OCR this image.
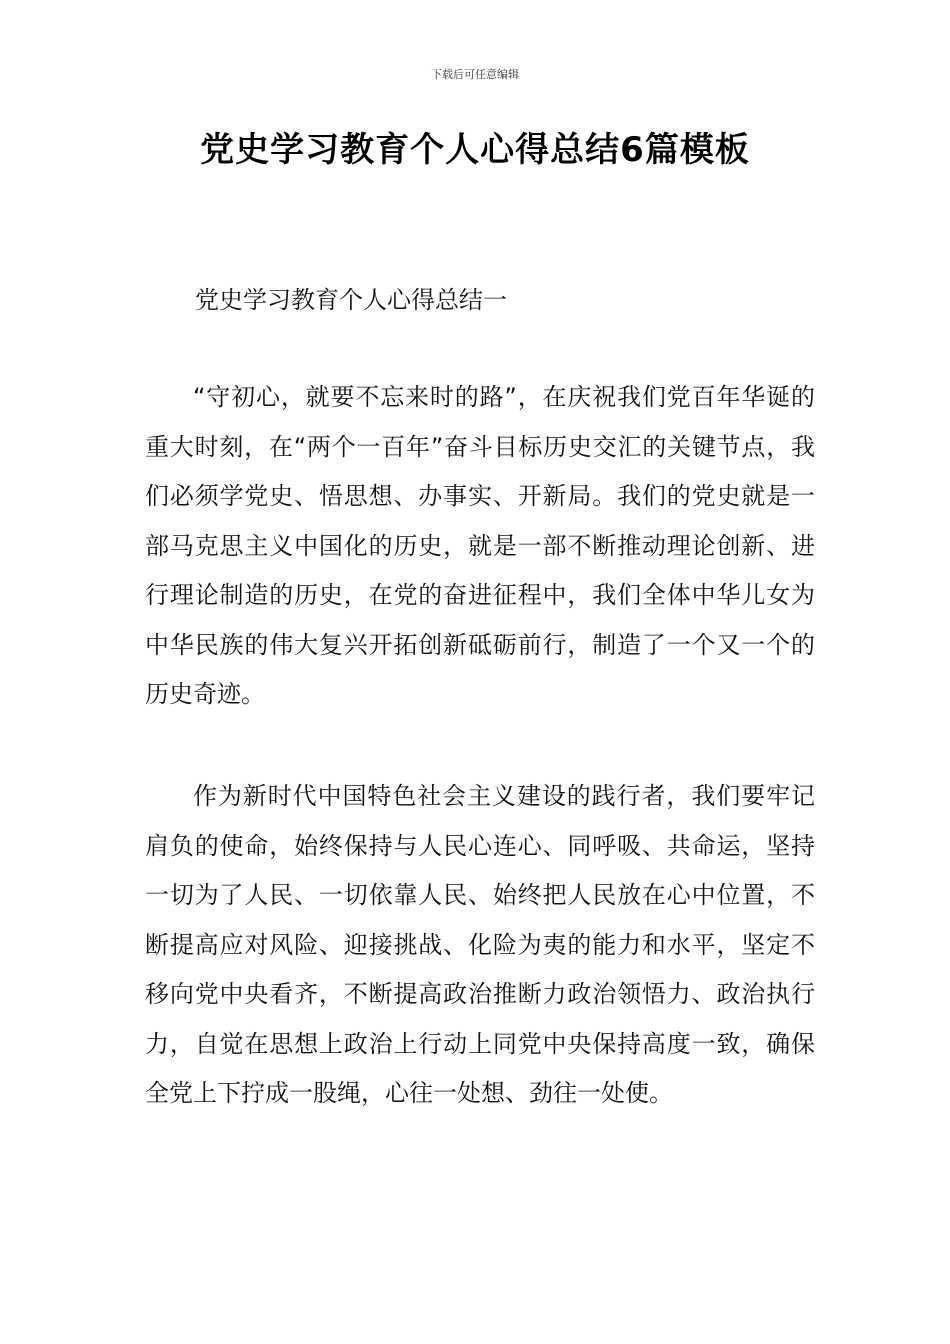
下载后可任意编辑
党史学习教育个人心得总结6篇模板
党史学习教育个人心得总结一

“守初心，就要不忘来时的路”，在庆祝我们党百年华诞的重大时刻，在“两个一百年”奋斗目标历史交汇的关键节点，我们必须学党史、悟思想、办事实、开新局。我们的党史就是一部马克思主义中国化的历史，就是一部不断推动理论创新、进行理论制造的历史，在党的奋进征程中，我们全体中华儿女为中华民族的伟大复兴开拓创新砥砺前行，制造了一个又一个的历史奇迹。

作为新时代中国特色社会主义建设的践行者，我们要牢记肩负的使命，始终保持与人民心连心、同呼吸、共命运，坚持一切为了人民、一切依靠人民、始终把人民放在心中位置，不断提高应对风险、迎接挑战、化险为夷的能力和水平，坚定不移向党中央看齐，不断提高政治推断力政治领悟力、政治执行力，自觉在思想上政治上行动上同党中央保持高度一致，确保全党上下拧成一股绳，心往一处想、劲往一处使。
